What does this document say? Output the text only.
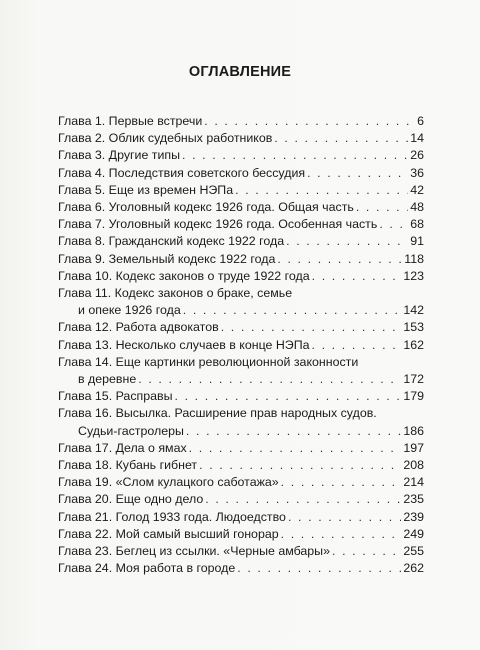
ОГЛАВЛЕНИЕ
Глава 1. Первые встречи . . .	6
Глава 2. Облик судебных работников . . .	14
Глава 3. Другие типы . . .	26
Глава 4. Последствия советского бессудия . . .	36
Глава 5. Еще из времен НЭПа . . .	42
Глава 6. Уголовный кодекс 1926 года. Общая часть . . .	48
Глава 7. Уголовный кодекс 1926 года. Особенная часть . . .	68
Глава 8. Гражданский кодекс 1922 года . . .	91
Глава 9. Земельный кодекс 1922 года . . .	118
Глава 10. Кодекс законов о труде 1922 года . . .	123
Глава 11. Кодекс законов о браке, семье
и опеке 1926 года . . .	142
Глава 12. Работа адвокатов . . .	153
Глава 13. Несколько случаев в конце НЭПа . . .	162
Глава 14. Еще картинки революционной законности
в деревне . . .	172
Глава 15. Расправы . . .	179
Глава 16. Высылка. Расширение прав народных судов.
Судьи-гастролеры . . .	186
Глава 17. Дела о ямах . . .	197
Глава 18. Кубань гибнет . . .	208
Глава 19. «Слом кулацкого саботажа» . . .	214
Глава 20. Еще одно дело . . .	235
Глава 21. Голод 1933 года. Людоедство . . .	239
Глава 22. Мой самый высший гонорар . . .	249
Глава 23. Беглец из ссылки. «Черные амбары» . . .	255
Глава 24. Моя работа в городе . . .	262
